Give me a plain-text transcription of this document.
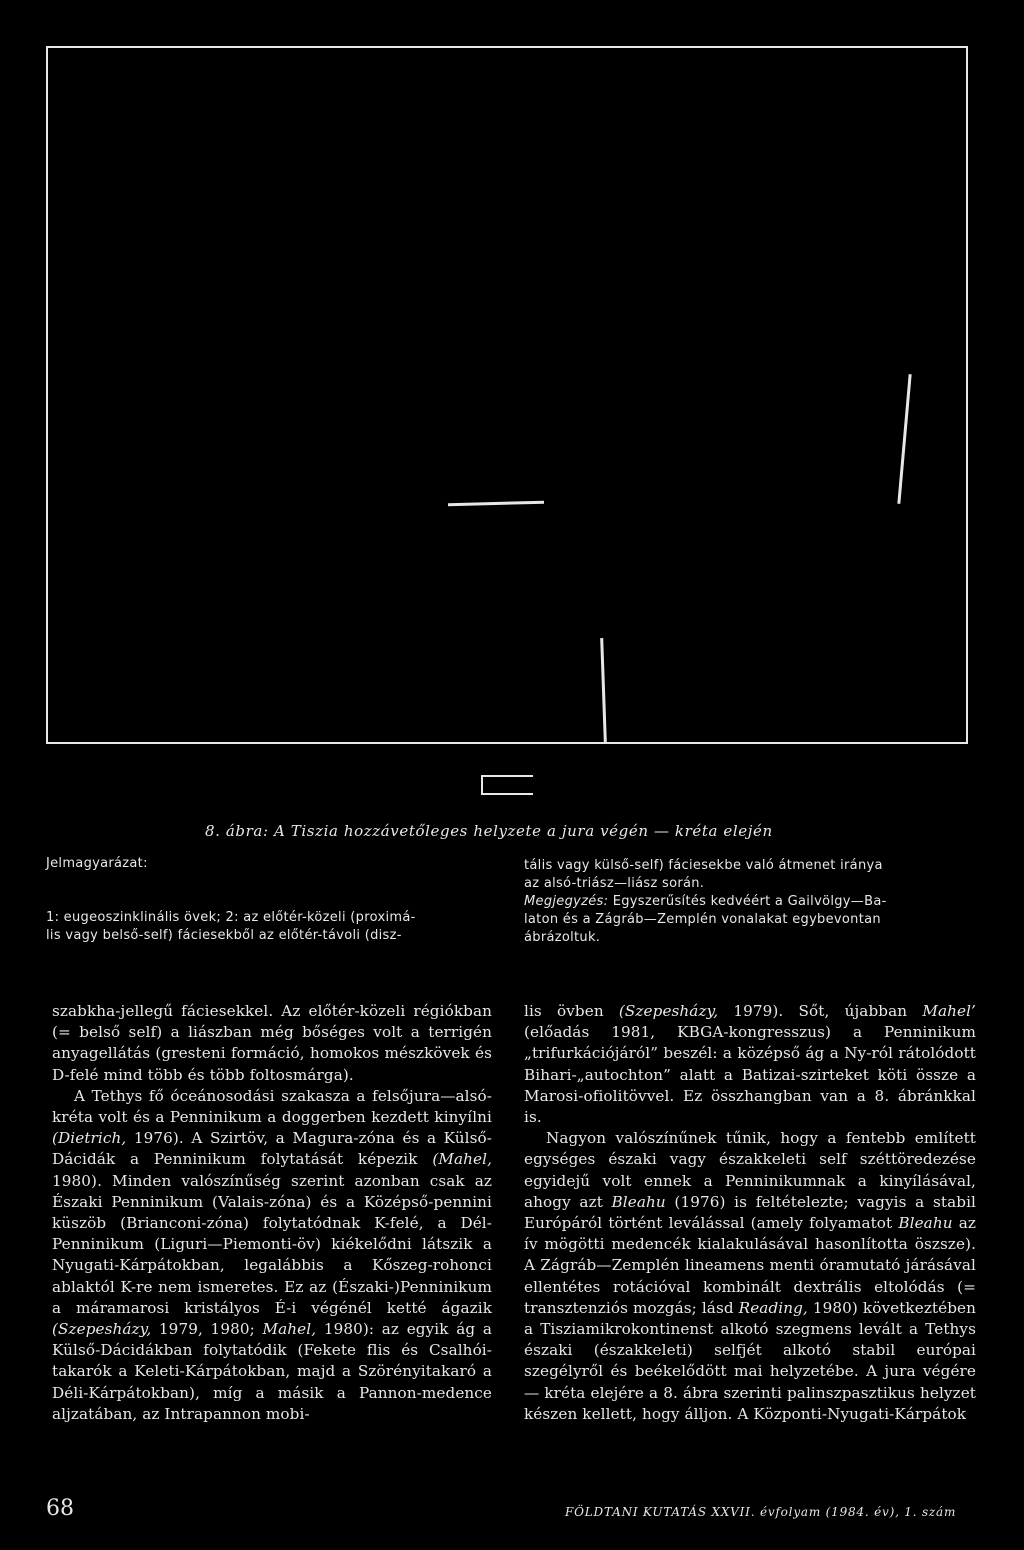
8. ábra: A Tiszia hozzávetőleges helyzete a jura végén — kréta elején
Jelmagyarázat:
1: eugeoszinklinális övek; 2: az előtér-közeli (proximá-
lis vagy belső-self) fáciesekből az előtér-távoli (disz-
tális vagy külső-self) fáciesekbe való átmenet iránya
az alsó-triász—liász során.
Megjegyzés: Egyszerűsítés kedvéért a Gailvölgy—Ba-
laton és a Zágráb—Zemplén vonalakat egybevontan
ábrázoltuk.

szabkha-jellegű fáciesekkel. Az előtér-közeli régiókban (= belső self) a liászban még bőséges volt a terrigén anyagellátás (gresteni formáció, homokos mészkövek és D-felé mind több és több foltosmárga).

A Tethys fő óceánosodási szakasza a felsőjura—alsó-kréta volt és a Penninikum a doggerben kezdett kinyílni (Dietrich, 1976). A Szirtöv, a Magura-zóna és a Külső-Dácidák a Penninikum folytatását képezik (Mahel, 1980). Minden valószínűség szerint azonban csak az Északi Penninikum (Valais-zóna) és a Középső-pennini küszöb (Brianconi-zóna) folytatódnak K-felé, a Dél-Penninikum (Liguri—Piemonti-öv) kiékelődni látszik a Nyugati-Kárpátokban, legalábbis a Kőszeg-rohonci ablaktól K-re nem ismeretes. Ez az (Északi-)Penninikum a máramarosi kristályos É-i végénél ketté ágazik (Szepesházy, 1979, 1980; Mahel, 1980): az egyik ág a Külső-Dácidákban folytatódik (Fekete flis és Csalhói-takarók a Keleti-Kárpátokban, majd a Szörényitakaró a Déli-Kárpátokban), míg a másik a Pannon-medence aljzatában, az Intrapannon mobi-

lis övben (Szepesházy, 1979). Sőt, újabban Mahel’ (előadás 1981, KBGA-kongresszus) a Penninikum „trifurkációjáról” beszél: a középső ág a Ny-ról rátolódott Bihari-„autochton” alatt a Batizai-szirteket köti össze a Marosi-ofiolitövvel. Ez összhangban van a 8. ábránkkal is.

Nagyon valószínűnek tűnik, hogy a fentebb említett egységes északi vagy északkeleti self széttöredezése egyidejű volt ennek a Penninikumnak a kinyílásával, ahogy azt Bleahu (1976) is feltételezte; vagyis a stabil Európáról történt leválással (amely folyamatot Bleahu az ív mögötti medencék kialakulásával hasonlította öszsze). A Zágráb—Zemplén lineamens menti óramutató járásával ellentétes rotációval kombinált dextrális eltolódás (= transztenziós mozgás; lásd Reading, 1980) következtében a Tisziamikrokontinenst alkotó szegmens levált a Tethys északi (északkeleti) selfjét alkotó stabil európai szegélyről és beékelődött mai helyzetébe. A jura végére — kréta elejére a 8. ábra szerinti palinszpasztikus helyzet készen kellett, hogy álljon. A Központi-Nyugati-Kárpátok

68	FÖLDTANI KUTATÁS XXVII. évfolyam (1984. év), 1. szám
